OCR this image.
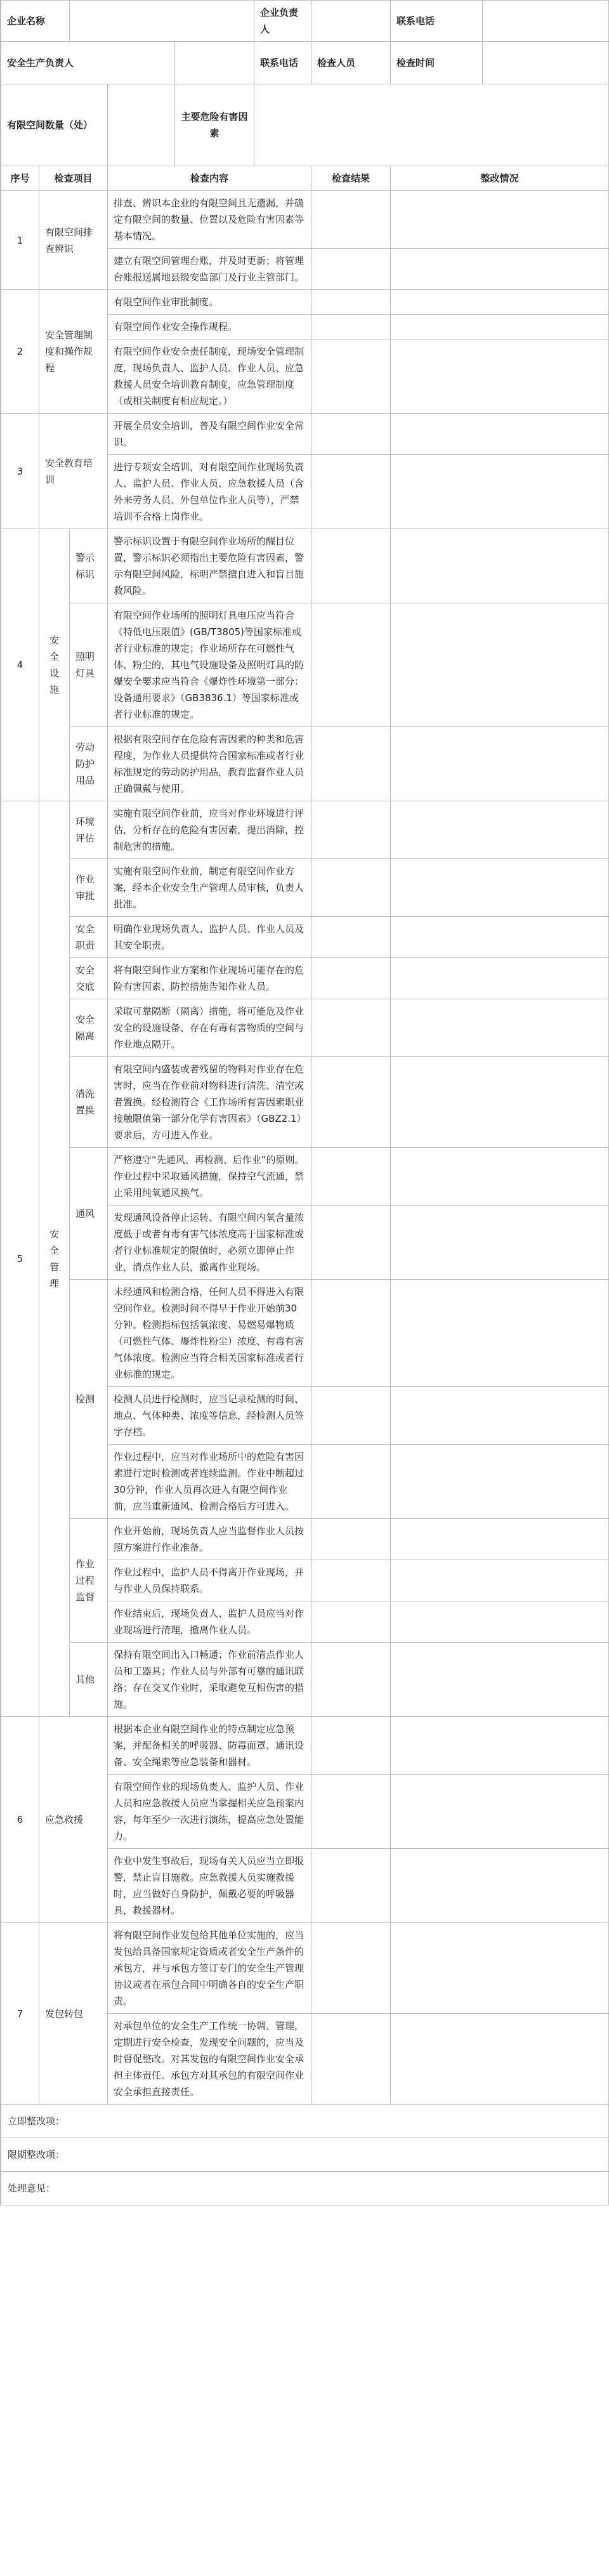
企业名称					企业负责人		联系电话	
安全生产负责人					联系电话	检查人员	检查时间	
有限空间数量（处）				主要危险有害因素				
序号	检查项目		检查内容			检查结果	整改情况	
1	有限空间排查辨识		排查、辨识本企业的有限空间且无遗漏，并确定有限空间的数量、位置以及危险有害因素等基本情况。					
			建立有限空间管理台账，并及时更新；将管理台账报送属地县级安监部门及行业主管部门。					
2	安全管理制度和操作规程		有限空间作业审批制度。					
			有限空间作业安全操作规程。					
			有限空间作业安全责任制度，现场安全管理制度，现场负责人、监护人员、作业人员、应急救援人员安全培训教育制度，应急管理制度（或相关制度有相应规定。）					
3	安全教育培训		开展全员安全培训，普及有限空间作业安全常识。					
			进行专项安全培训，对有限空间作业现场负责人、监护人员、作业人员、应急救援人员（含外来劳务人员、外包单位作业人员等），严禁培训不合格上岗作业。					
4	安全设施	警示标识	警示标识设置于有限空间作业场所的醒目位置，警示标识必须指出主要危险有害因素，警示有限空间风险，标明严禁擅自进入和盲目施救风险。					
		照明灯具	有限空间作业场所的照明灯具电压应当符合《特低电压限值》(GB/T3805)等国家标准或者行业标准的规定；作业场所存在可燃性气体、粉尘的，其电气设施设备及照明灯具的防爆安全要求应当符合《爆炸性环境第一部分：设备通用要求》（GB3836.1）等国家标准或者行业标准的规定。					
		劳动防护用品	根据有限空间存在危险有害因素的种类和危害程度，为作业人员提供符合国家标准或者行业标准规定的劳动防护用品，教育监督作业人员正确佩戴与使用。					
5	安全管理	环境评估	实施有限空间作业前，应当对作业环境进行评估，分析存在的危险有害因素，提出消除，控制危害的措施。					
		作业审批	实施有限空间作业前，制定有限空间作业方案，经本企业安全生产管理人员审核，负责人批准。					
		安全职责	明确作业现场负责人、监护人员、作业人员及其安全职责。					
		安全交底	将有限空间作业方案和作业现场可能存在的危险有害因素、防控措施告知作业人员。					
		安全隔离	采取可靠隔断（隔离）措施，将可能危及作业安全的设施设备、存在有毒有害物质的空间与作业地点隔开。					
		清洗置换	有限空间内盛装或者残留的物料对作业存在危害时，应当在作业前对物料进行清洗、清空或者置换。经检测符合《工作场所有害因素职业接触限值第一部分化学有害因素》（GBZ2.1）要求后，方可进入作业。					
		通风	严格遵守“先通风、再检测、后作业”的原则。作业过程中采取通风措施，保持空气流通，禁止采用纯氧通风换气。					
			发现通风设备停止运转、有限空间内氧含量浓度低于或者有毒有害气体浓度高于国家标准或者行业标准规定的限值时，必须立即停止作业，清点作业人员，撤离作业现场。					
		检测	未经通风和检测合格，任何人员不得进入有限空间作业。检测时间不得早于作业开始前30分钟。检测指标包括氧浓度、易燃易爆物质（可燃性气体、爆炸性粉尘）浓度、有毒有害气体浓度。检测应当符合相关国家标准或者行业标准的规定。					
			检测人员进行检测时，应当记录检测的时间、地点、气体种类、浓度等信息，经检测人员签字存档。					
			作业过程中，应当对作业场所中的危险有害因素进行定时检测或者连续监测。作业中断超过30分钟，作业人员再次进入有限空间作业前，应当重新通风、检测合格后方可进入。					
		作业过程监督	作业开始前，现场负责人应当监督作业人员按照方案进行作业准备。					
			作业过程中，监护人员不得离开作业现场，并与作业人员保持联系。					
			作业结束后，现场负责人、监护人员应当对作业现场进行清理，撤离作业人员。					
		其他	保持有限空间出入口畅通；作业前清点作业人员和工器具；作业人员与外部有可靠的通讯联络；存在交叉作业时，采取避免互相伤害的措施。					
6	应急救援		根据本企业有限空间作业的特点制定应急预案，并配备相关的呼吸器、防毒面罩、通讯设备、安全绳索等应急装备和器材。					
			有限空间作业的现场负责人、监护人员、作业人员和应急救援人员应当掌握相关应急预案内容，每年至少一次进行演练，提高应急处置能力。					
			作业中发生事故后，现场有关人员应当立即报警，禁止盲目施救。应急救援人员实施救援时，应当做好自身防护，佩戴必要的呼吸器具，救援器材。					
7	发包转包		将有限空间作业发包给其他单位实施的，应当发包给具备国家规定资质或者安全生产条件的承包方，并与承包方签订专门的安全生产管理协议或者在承包合同中明确各自的安全生产职责。					
			对承包单位的安全生产工作统一协调、管理，定期进行安全检查，发现安全问题的，应当及时督促整改。对其发包的有限空间作业安全承担主体责任。承包方对其承包的有限空间作业安全承担直接责任。					
立即整改项：								
限期整改项：								
处理意见：								
